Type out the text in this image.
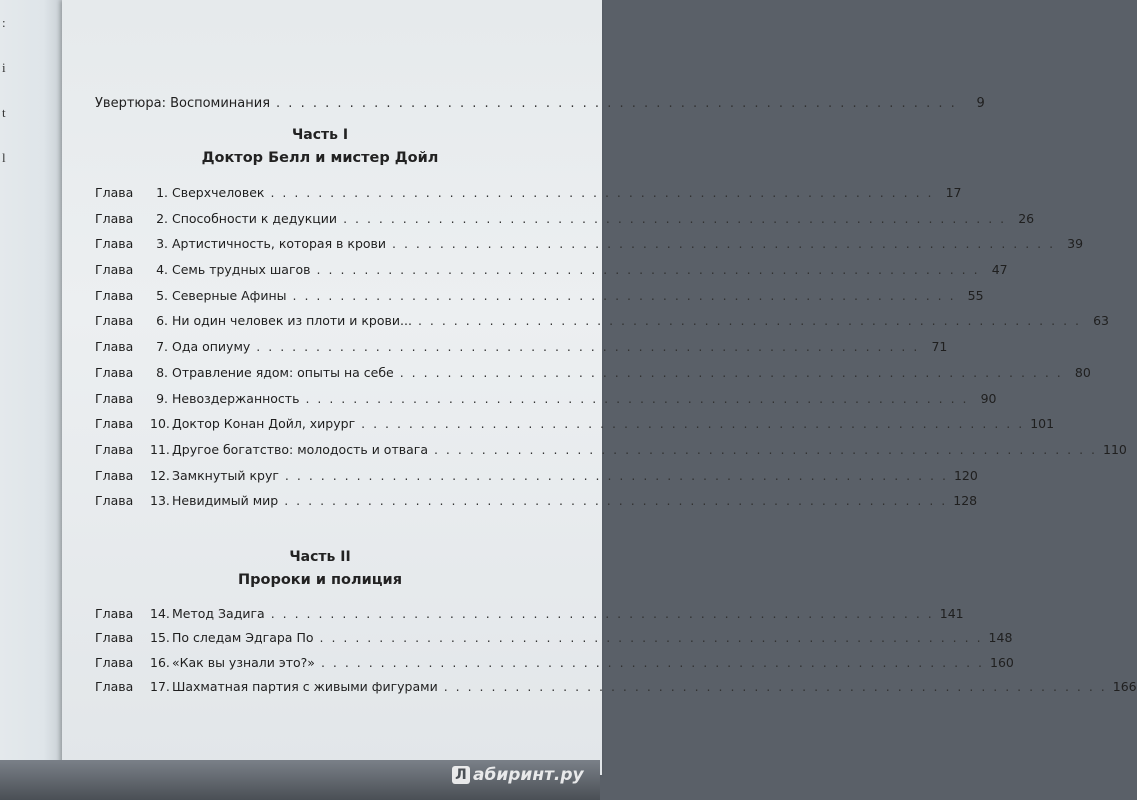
:
i
t
l
Увертюра: Воспоминания . . .	9
Часть I
Доктор Белл и мистер Дойл
Глава	1. Сверхчеловек . . .	17
Глава	2. Способности к дедукции . . .	26
Глава	3. Артистичность, которая в крови . . .	39
Глава	4. Семь трудных шагов . . .	47
Глава	5. Северные Афины . . .	55
Глава	6. Ни один человек из плоти и крови... . . .	63
Глава	7. Ода опиуму . . .	71
Глава	8. Отравление ядом: опыты на себе . . .	80
Глава	9. Невоздержанность . . .	90
Глава	10. Доктор Конан Дойл, хирург . . .	101
Глава	11. Другое богатство: молодость и отвага . . .	110
Глава	12. Замкнутый круг . . .	120
Глава	13. Невидимый мир . . .	128
Часть II
Пророки и полиция
Глава	14. Метод Задига . . .	141
Глава	15. По следам Эдгара По . . .	148
Глава	16. «Как вы узнали это?» . . .	160
Глава	17. Шахматная партия с живыми фигурами . . .	166
Л абиринт.ру
